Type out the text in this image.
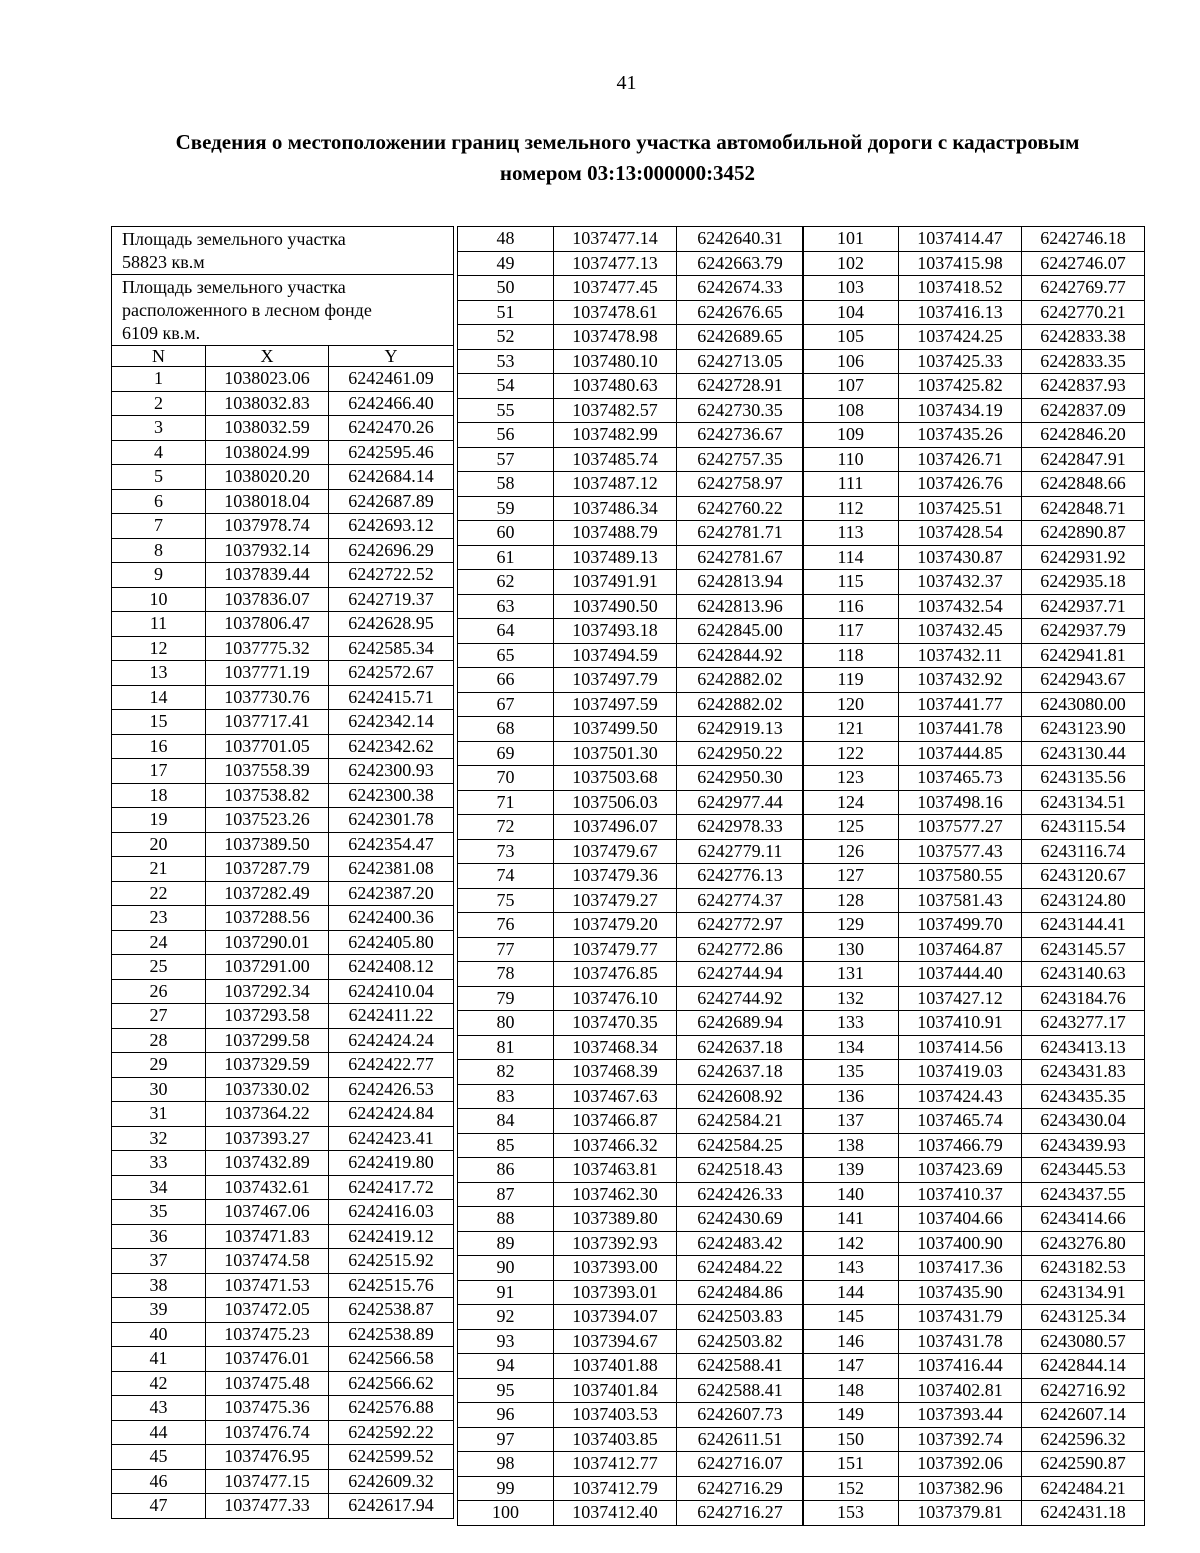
41
Сведения о местоположении границ земельного участка автомобильной дороги с кадастровым
номером 03:13:000000:3452
Площадь земельного участка
58823 кв.м		

Площадь земельного участка
расположенного в лесном фонде
6109 кв.м.		

N	X	Y
1	1038023.06	6242461.09
2	1038032.83	6242466.40
3	1038032.59	6242470.26
4	1038024.99	6242595.46
5	1038020.20	6242684.14
6	1038018.04	6242687.89
7	1037978.74	6242693.12
8	1037932.14	6242696.29
9	1037839.44	6242722.52
10	1037836.07	6242719.37
11	1037806.47	6242628.95
12	1037775.32	6242585.34
13	1037771.19	6242572.67
14	1037730.76	6242415.71
15	1037717.41	6242342.14
16	1037701.05	6242342.62
17	1037558.39	6242300.93
18	1037538.82	6242300.38
19	1037523.26	6242301.78
20	1037389.50	6242354.47
21	1037287.79	6242381.08
22	1037282.49	6242387.20
23	1037288.56	6242400.36
24	1037290.01	6242405.80
25	1037291.00	6242408.12
26	1037292.34	6242410.04
27	1037293.58	6242411.22
28	1037299.58	6242424.24
29	1037329.59	6242422.77
30	1037330.02	6242426.53
31	1037364.22	6242424.84
32	1037393.27	6242423.41
33	1037432.89	6242419.80
34	1037432.61	6242417.72
35	1037467.06	6242416.03
36	1037471.83	6242419.12
37	1037474.58	6242515.92
38	1037471.53	6242515.76
39	1037472.05	6242538.87
40	1037475.23	6242538.89
41	1037476.01	6242566.58
42	1037475.48	6242566.62
43	1037475.36	6242576.88
44	1037476.74	6242592.22
45	1037476.95	6242599.52
46	1037477.15	6242609.32
47	1037477.33	6242617.94
48	1037477.14	6242640.31
49	1037477.13	6242663.79
50	1037477.45	6242674.33
51	1037478.61	6242676.65
52	1037478.98	6242689.65
53	1037480.10	6242713.05
54	1037480.63	6242728.91
55	1037482.57	6242730.35
56	1037482.99	6242736.67
57	1037485.74	6242757.35
58	1037487.12	6242758.97
59	1037486.34	6242760.22
60	1037488.79	6242781.71
61	1037489.13	6242781.67
62	1037491.91	6242813.94
63	1037490.50	6242813.96
64	1037493.18	6242845.00
65	1037494.59	6242844.92
66	1037497.79	6242882.02
67	1037497.59	6242882.02
68	1037499.50	6242919.13
69	1037501.30	6242950.22
70	1037503.68	6242950.30
71	1037506.03	6242977.44
72	1037496.07	6242978.33
73	1037479.67	6242779.11
74	1037479.36	6242776.13
75	1037479.27	6242774.37
76	1037479.20	6242772.97
77	1037479.77	6242772.86
78	1037476.85	6242744.94
79	1037476.10	6242744.92
80	1037470.35	6242689.94
81	1037468.34	6242637.18
82	1037468.39	6242637.18
83	1037467.63	6242608.92
84	1037466.87	6242584.21
85	1037466.32	6242584.25
86	1037463.81	6242518.43
87	1037462.30	6242426.33
88	1037389.80	6242430.69
89	1037392.93	6242483.42
90	1037393.00	6242484.22
91	1037393.01	6242484.86
92	1037394.07	6242503.83
93	1037394.67	6242503.82
94	1037401.88	6242588.41
95	1037401.84	6242588.41
96	1037403.53	6242607.73
97	1037403.85	6242611.51
98	1037412.77	6242716.07
99	1037412.79	6242716.29
100	1037412.40	6242716.27
101	1037414.47	6242746.18
102	1037415.98	6242746.07
103	1037418.52	6242769.77
104	1037416.13	6242770.21
105	1037424.25	6242833.38
106	1037425.33	6242833.35
107	1037425.82	6242837.93
108	1037434.19	6242837.09
109	1037435.26	6242846.20
110	1037426.71	6242847.91
111	1037426.76	6242848.66
112	1037425.51	6242848.71
113	1037428.54	6242890.87
114	1037430.87	6242931.92
115	1037432.37	6242935.18
116	1037432.54	6242937.71
117	1037432.45	6242937.79
118	1037432.11	6242941.81
119	1037432.92	6242943.67
120	1037441.77	6243080.00
121	1037441.78	6243123.90
122	1037444.85	6243130.44
123	1037465.73	6243135.56
124	1037498.16	6243134.51
125	1037577.27	6243115.54
126	1037577.43	6243116.74
127	1037580.55	6243120.67
128	1037581.43	6243124.80
129	1037499.70	6243144.41
130	1037464.87	6243145.57
131	1037444.40	6243140.63
132	1037427.12	6243184.76
133	1037410.91	6243277.17
134	1037414.56	6243413.13
135	1037419.03	6243431.83
136	1037424.43	6243435.35
137	1037465.74	6243430.04
138	1037466.79	6243439.93
139	1037423.69	6243445.53
140	1037410.37	6243437.55
141	1037404.66	6243414.66
142	1037400.90	6243276.80
143	1037417.36	6243182.53
144	1037435.90	6243134.91
145	1037431.79	6243125.34
146	1037431.78	6243080.57
147	1037416.44	6242844.14
148	1037402.81	6242716.92
149	1037393.44	6242607.14
150	1037392.74	6242596.32
151	1037392.06	6242590.87
152	1037382.96	6242484.21
153	1037379.81	6242431.18
